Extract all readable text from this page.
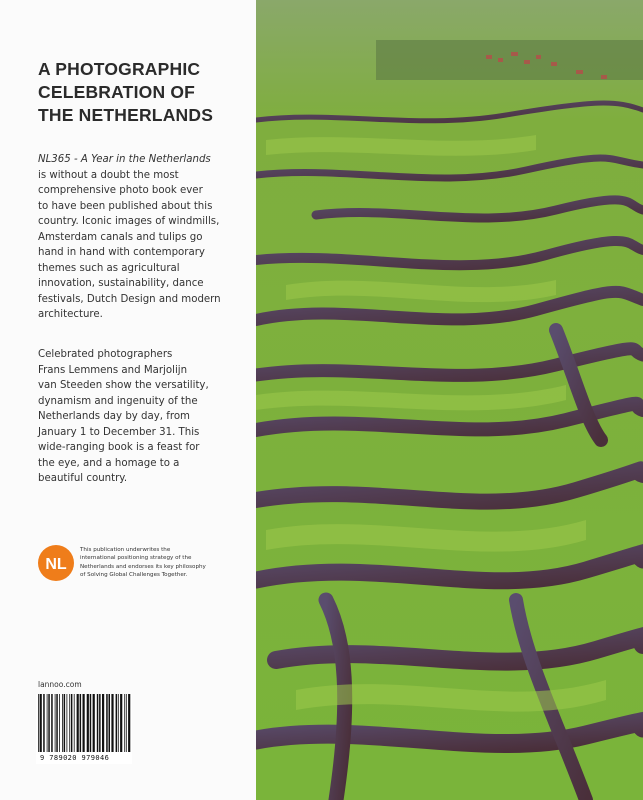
A PHOTOGRAPHIC
CELEBRATION OF
THE NETHERLANDS

NL365 - A Year in the Netherlands
is without a doubt the most
comprehensive photo book ever
to have been published about this
country. Iconic images of windmills,
Amsterdam canals and tulips go
hand in hand with contemporary
themes such as agricultural
innovation, sustainability, dance
festivals, Dutch Design and modern
architecture.

Celebrated photographers
Frans Lemmens and Marjolijn
van Steeden show the versatility,
dynamism and ingenuity of the
Netherlands day by day, from
January 1 to December 31. This
wide-ranging book is a feast for
the eye, and a homage to a
beautiful country.

NL
This publication underwrites the
international positioning strategy of the
Netherlands and endorses its key philosophy
of Solving Global Challenges Together.
lannoo.com
9 789020 979046
